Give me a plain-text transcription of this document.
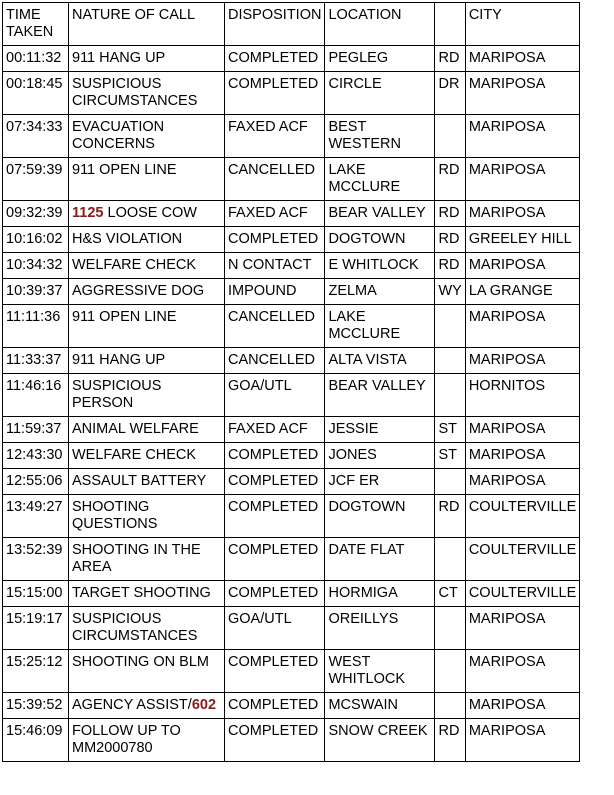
TIME TAKEN	NATURE OF CALL	DISPOSITION	LOCATION		CITY
00:11:32	911 HANG UP	COMPLETED	PEGLEG	RD	MARIPOSA
00:18:45	SUSPICIOUS CIRCUMSTANCES	COMPLETED	CIRCLE	DR	MARIPOSA
07:34:33	EVACUATION CONCERNS	FAXED ACF	BEST WESTERN		MARIPOSA
07:59:39	911 OPEN LINE	CANCELLED	LAKE MCCLURE	RD	MARIPOSA
09:32:39	1125 LOOSE COW	FAXED ACF	BEAR VALLEY	RD	MARIPOSA
10:16:02	H&S VIOLATION	COMPLETED	DOGTOWN	RD	GREELEY HILL
10:34:32	WELFARE CHECK	N CONTACT	E WHITLOCK	RD	MARIPOSA
10:39:37	AGGRESSIVE DOG	IMPOUND	ZELMA	WY	LA GRANGE
11:11:36	911 OPEN LINE	CANCELLED	LAKE MCCLURE		MARIPOSA
11:33:37	911 HANG UP	CANCELLED	ALTA VISTA		MARIPOSA
11:46:16	SUSPICIOUS PERSON	GOA/UTL	BEAR VALLEY		HORNITOS
11:59:37	ANIMAL WELFARE	FAXED ACF	JESSIE	ST	MARIPOSA
12:43:30	WELFARE CHECK	COMPLETED	JONES	ST	MARIPOSA
12:55:06	ASSAULT BATTERY	COMPLETED	JCF ER		MARIPOSA
13:49:27	SHOOTING QUESTIONS	COMPLETED	DOGTOWN	RD	COULTERVILLE
13:52:39	SHOOTING IN THE AREA	COMPLETED	DATE FLAT		COULTERVILLE
15:15:00	TARGET SHOOTING	COMPLETED	HORMIGA	CT	COULTERVILLE
15:19:17	SUSPICIOUS CIRCUMSTANCES	GOA/UTL	OREILLYS		MARIPOSA
15:25:12	SHOOTING ON BLM	COMPLETED	WEST WHITLOCK		MARIPOSA
15:39:52	AGENCY ASSIST/602	COMPLETED	MCSWAIN		MARIPOSA
15:46:09	FOLLOW UP TO MM2000780	COMPLETED	SNOW CREEK	RD	MARIPOSA
